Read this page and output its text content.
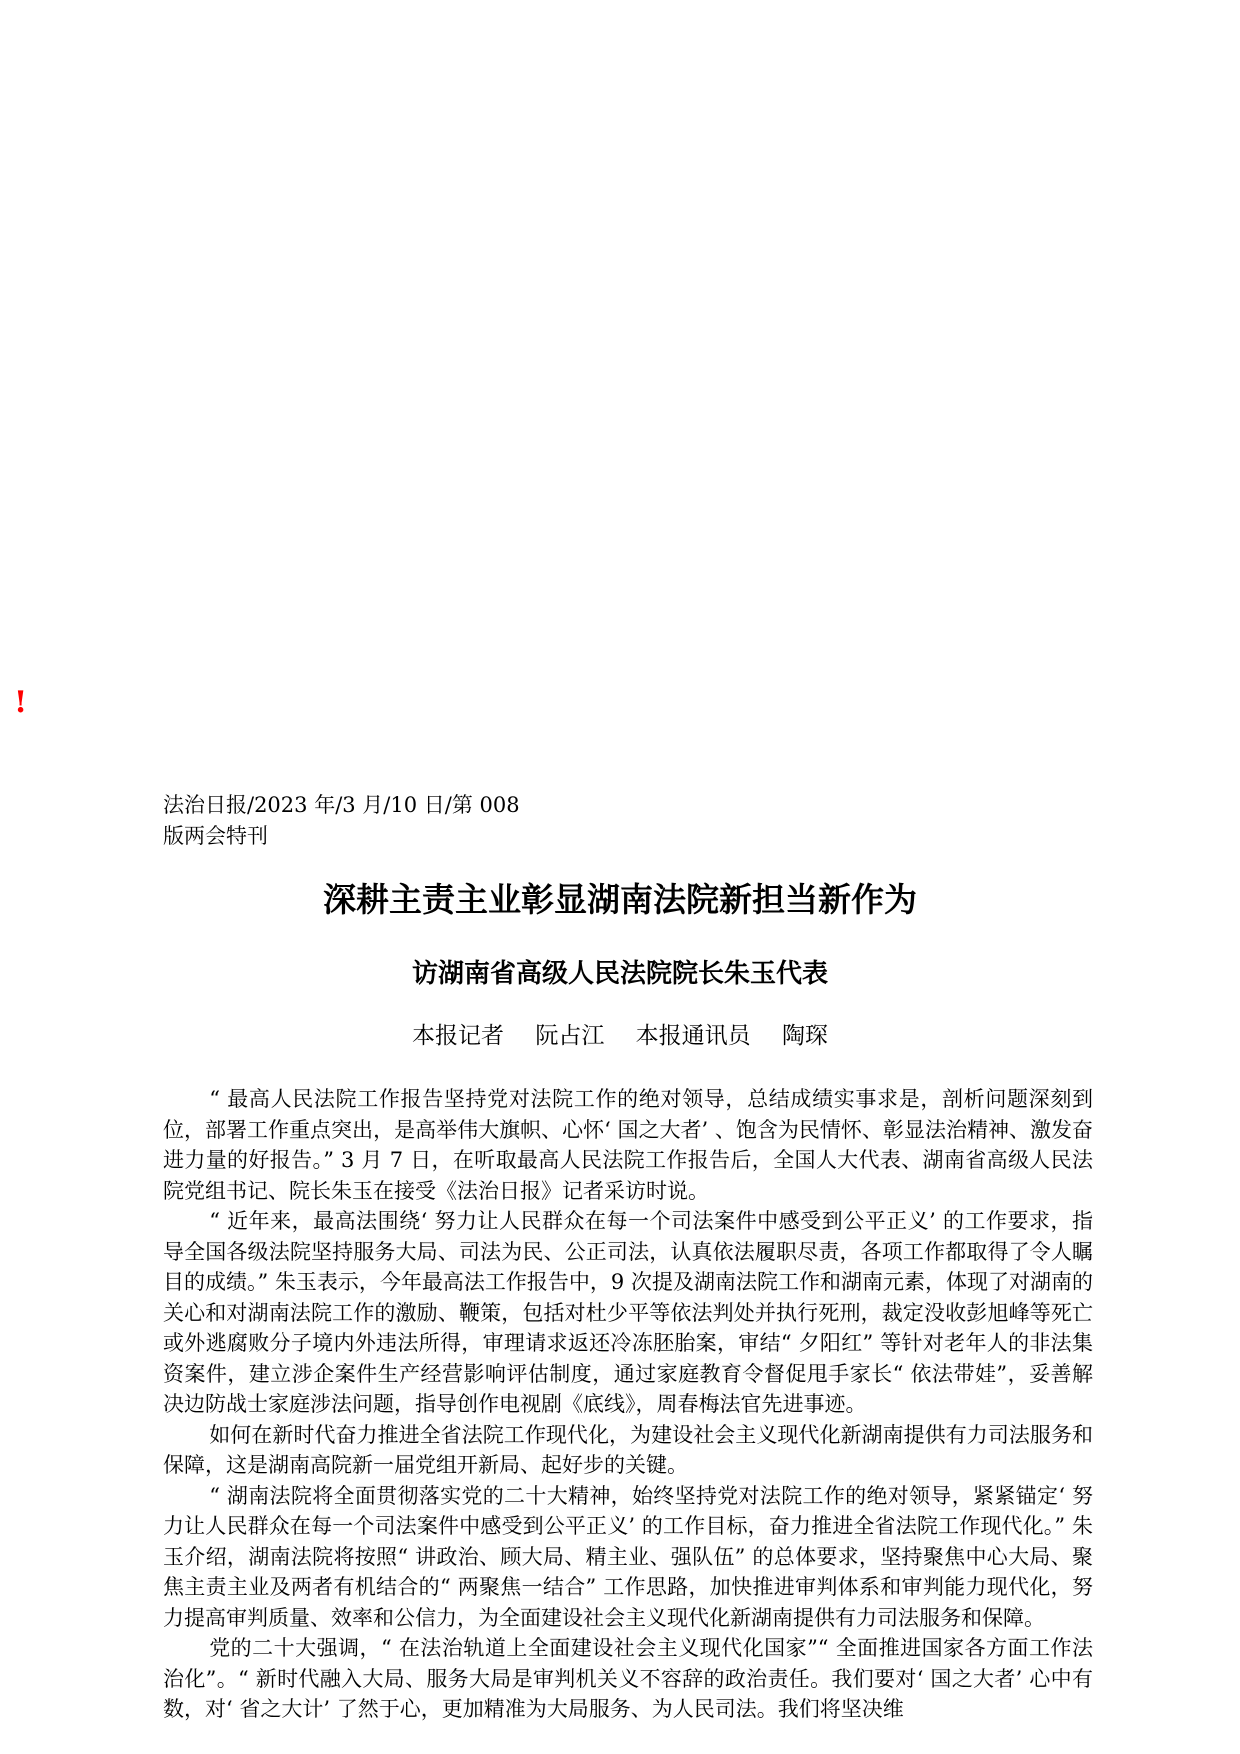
!
法治日报/2023 年/3 月/10 日/第 008
版两会特刊
深耕主责主业彰显湖南法院新担当新作为
访湖南省高级人民法院院长朱玉代表
本报记者 阮占江 本报通讯员 陶琛

“ 最高人民法院工作报告坚持党对法院工作的绝对领导，总结成绩实事求是，剖析问题深刻到位，部署工作重点突出，是高举伟大旗帜、心怀‘ 国之大者’ 、饱含为民情怀、彰显法治精神、激发奋进力量的好报告。” 3 月 7 日，在听取最高人民法院工作报告后，全国人大代表、湖南省高级人民法院党组书记、院长朱玉在接受《法治日报》记者采访时说。

“ 近年来，最高法围绕‘ 努力让人民群众在每一个司法案件中感受到公平正义’ 的工作要求，指导全国各级法院坚持服务大局、司法为民、公正司法，认真依法履职尽责，各项工作都取得了令人瞩目的成绩。” 朱玉表示，今年最高法工作报告中，9 次提及湖南法院工作和湖南元素，体现了对湖南的关心和对湖南法院工作的激励、鞭策，包括对杜少平等依法判处并执行死刑，裁定没收彭旭峰等死亡或外逃腐败分子境内外违法所得，审理请求返还冷冻胚胎案，审结“ 夕阳红” 等针对老年人的非法集资案件，建立涉企案件生产经营影响评估制度，通过家庭教育令督促甩手家长“ 依法带娃”，妥善解决边防战士家庭涉法问题，指导创作电视剧《底线》，周春梅法官先进事迹。

如何在新时代奋力推进全省法院工作现代化，为建设社会主义现代化新湖南提供有力司法服务和保障，这是湖南高院新一届党组开新局、起好步的关键。

“ 湖南法院将全面贯彻落实党的二十大精神，始终坚持党对法院工作的绝对领导，紧紧锚定‘ 努力让人民群众在每一个司法案件中感受到公平正义’ 的工作目标，奋力推进全省法院工作现代化。” 朱玉介绍，湖南法院将按照“ 讲政治、顾大局、精主业、强队伍” 的总体要求，坚持聚焦中心大局、聚焦主责主业及两者有机结合的“ 两聚焦一结合” 工作思路，加快推进审判体系和审判能力现代化，努力提高审判质量、效率和公信力，为全面建设社会主义现代化新湖南提供有力司法服务和保障。

党的二十大强调，“ 在法治轨道上全面建设社会主义现代化国家”“ 全面推进国家各方面工作法治化”。“ 新时代融入大局、服务大局是审判机关义不容辞的政治责任。我们要对‘ 国之大者’ 心中有数，对‘ 省之大计’ 了然于心，更加精准为大局服务、为人民司法。我们将坚决维
